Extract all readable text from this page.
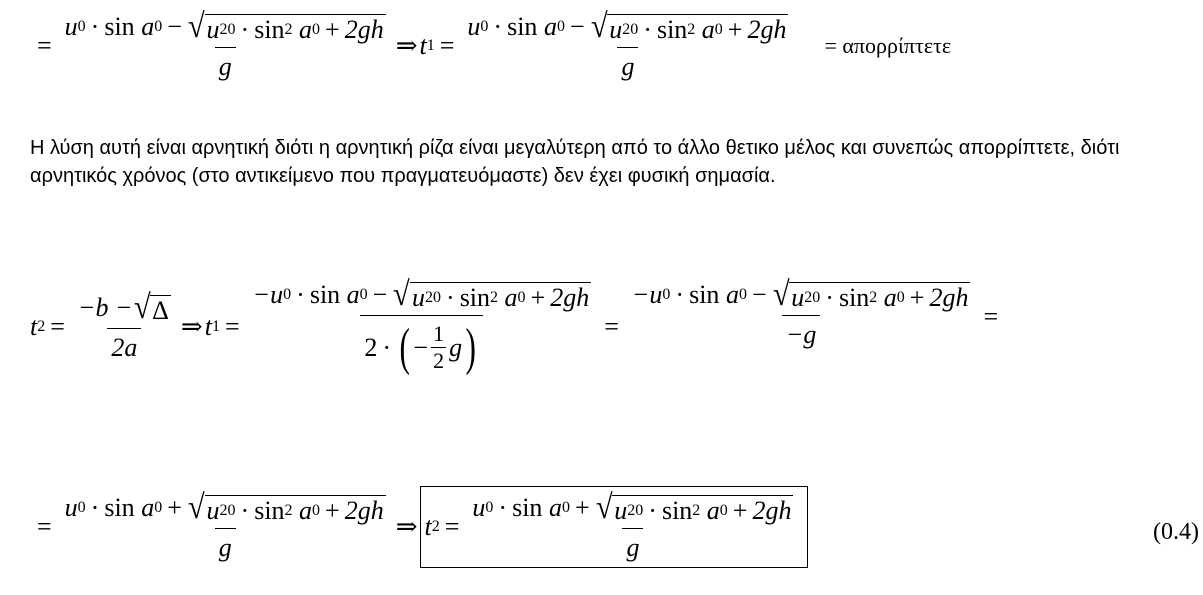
=
u 0 · sin
a 0 − √ u 2 0 · sin 2
a 0 + 2gh
g
⇒ t 1 =
u 0 · sin
a 0 − √ u 2 0 · sin 2
a 0 + 2gh
g
= απορρίπτετε

Η λύση αυτή είναι αρνητική διότι η αρνητική ρίζα είναι μεγαλύτερη από το άλλο θετικο μέλος και συνεπώς απορρίπτετε, διότι αρνητικός χρόνος (στο αντικείμενο που πραγματευόμαστε) δεν έχει φυσική σημασία.

t $2 = \frac{-b - √ \Delta}{2a}$ ⇒ t 1 =
−u 0 · sin
a 0 − √ u 2 0 · sin 2
a 0 + 2gh
2 · ( − $\frac{1}{2}$ g )	=
−u 0 · sin
a 0 − √ u 2 0 · sin 2
a 0 + 2gh
−g
=
=
u 0 · sin
a 0 + √ u 2 0 · sin 2
a 0 + 2gh
g
⇒ t 2 =
u 0 · sin
a 0 + √ u 2 0 · sin 2
a 0 + 2gh
g
(0.4)
